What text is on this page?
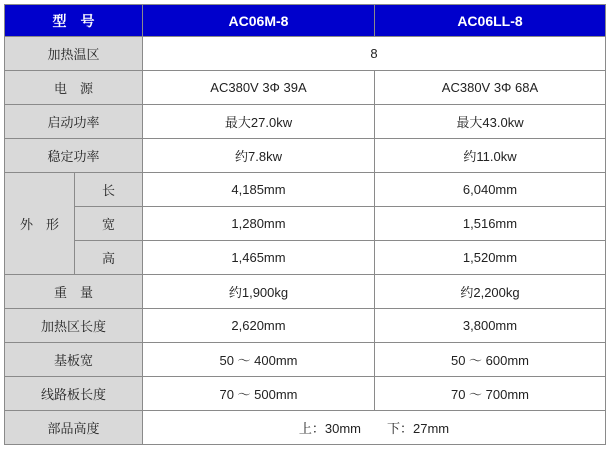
型　号		AC06M-8	AC06LL-8
加热温区		8	
电　源		AC380V 3Φ 39A	AC380V 3Φ 68A
启动功率		最大27.0kw	最大43.0kw
稳定功率		约7.8kw	约11.0kw
外　形	长	4,185mm	6,040mm
	宽	1,280mm	1,516mm
	高	1,465mm	1,520mm
重　量		约1,900kg	约2,200kg
加热区长度		2,620mm	3,800mm
基板宽		50 ～ 400mm	50 ～ 600mm
线路板长度		70 ～ 500mm	70 ～ 700mm
部品高度		上：30mm 下：27mm	
